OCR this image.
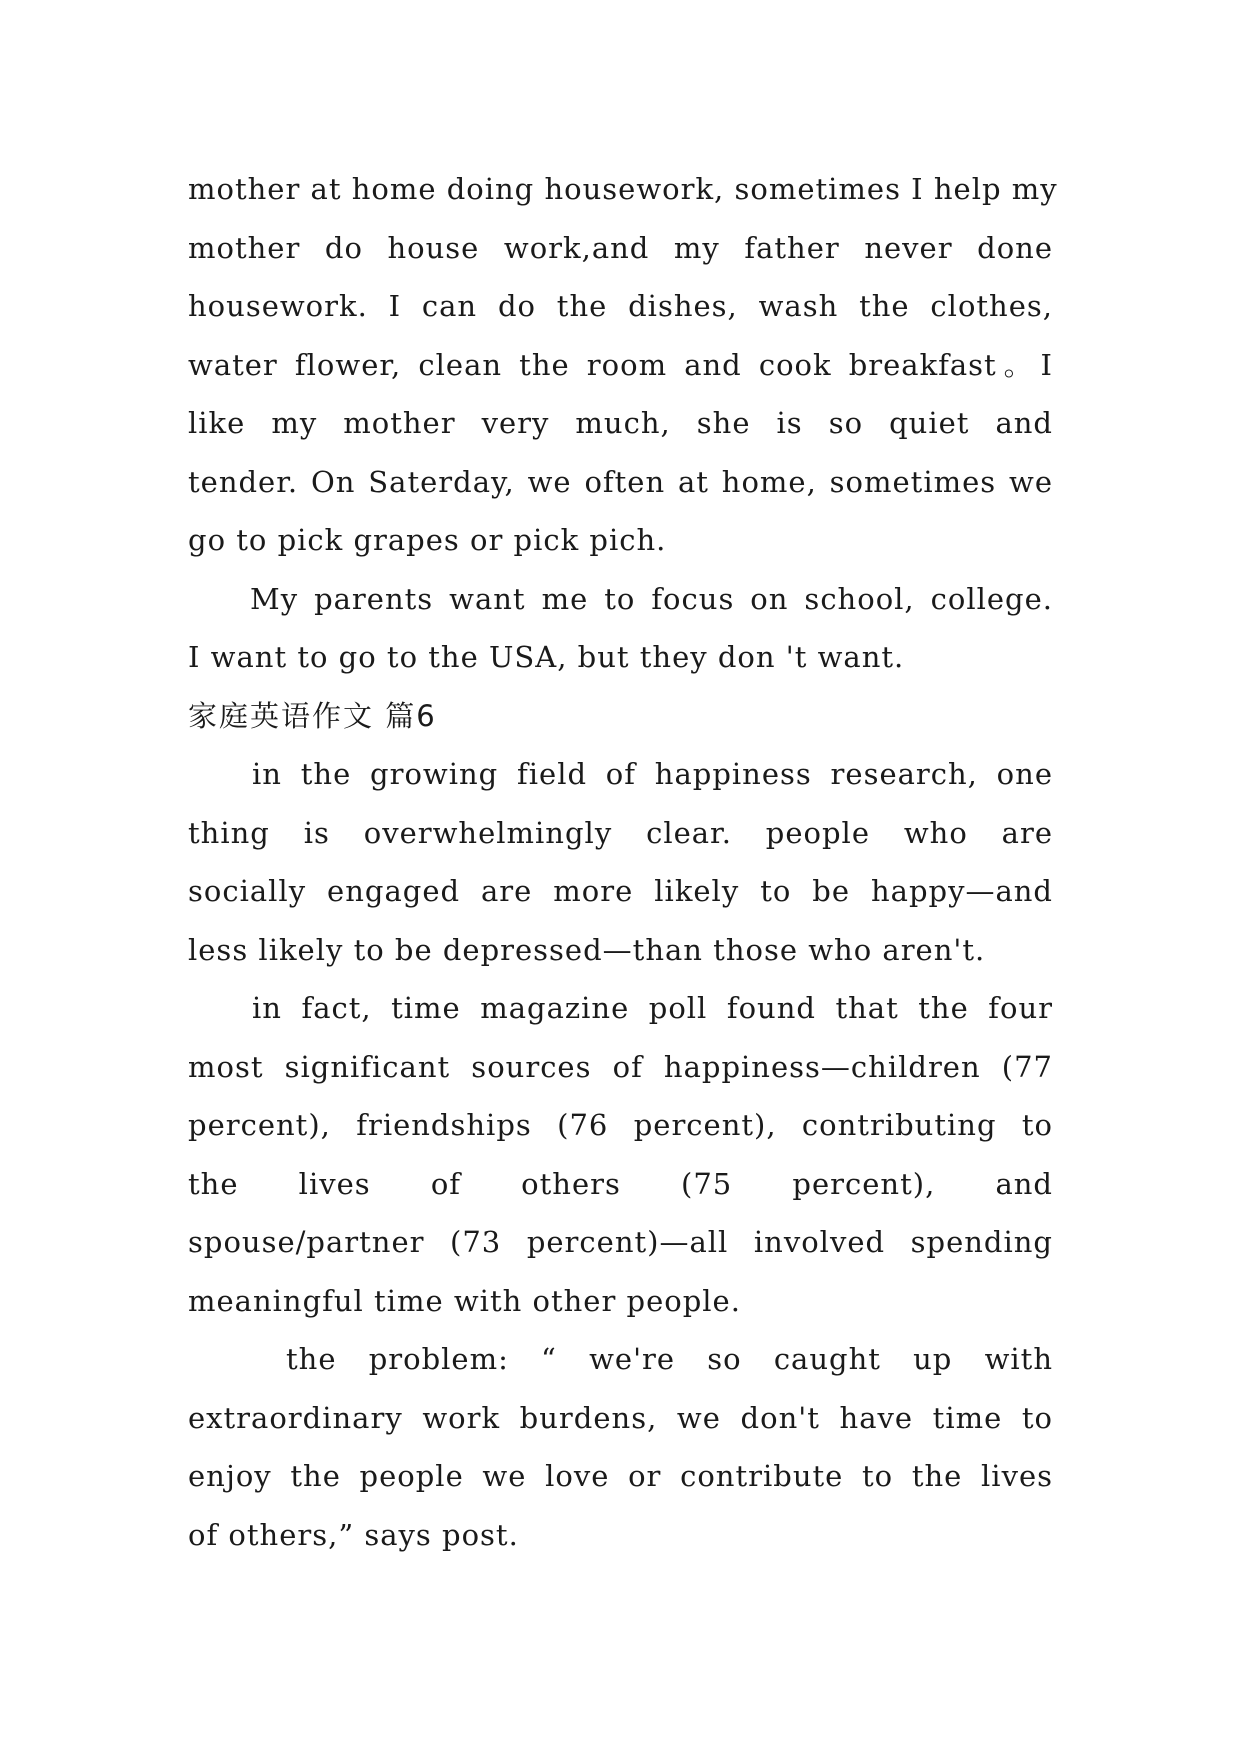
mother at home doing housework, sometimes I help my
mother do house work,and my father never done
housework. I can do the dishes, wash the clothes,
water flower, clean the room and cook breakfast。I
like my mother very much, she is so quiet and
tender. On Saterday, we often at home, sometimes we
go to pick grapes or pick pich.
My parents want me to focus on school, college.
I want to go to the USA, but they don 't want.
家庭英语作文 篇6
in the growing field of happiness research, one
thing is overwhelmingly clear. people who are
socially engaged are more likely to be happy—and
less likely to be depressed—than those who aren't.
in fact, time magazine poll found that the four
most significant sources of happiness—children (77
percent), friendships (76 percent), contributing to
the lives of others (75 percent), and
spouse/partner (73 percent)—all involved spending
meaningful time with other people.
the problem: “ we're so caught up with
extraordinary work burdens, we don't have time to
enjoy the people we love or contribute to the lives
of others,” says post.
